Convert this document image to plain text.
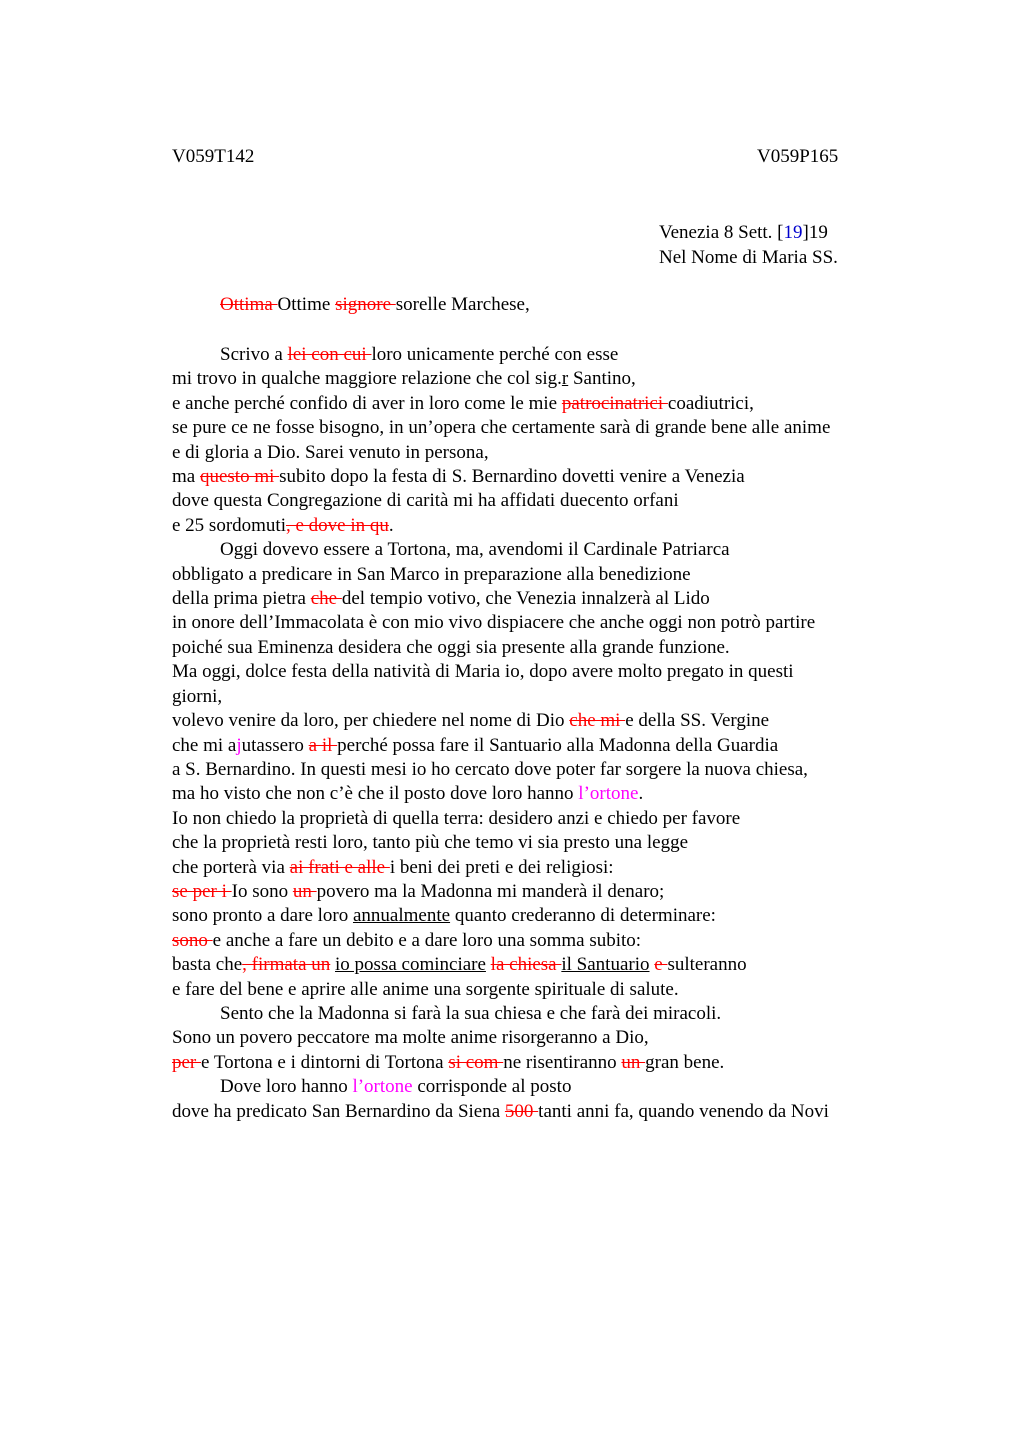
V059T142	V059P165
Venezia 8 Sett. [19]19
Nel Nome di Maria SS.
Ottima Ottime signore sorelle Marchese,
Scrivo a lei con cui loro unicamente perché con esse
mi trovo in qualche maggiore relazione che col sig.r Santino,
e anche perché confido di aver in loro come le mie patrocinatrici coadiutrici,
se pure ce ne fosse bisogno, in un’opera che certamente sarà di grande bene alle anime
e di gloria a Dio. Sarei venuto in persona,
ma questo mi subito dopo la festa di S. Bernardino dovetti venire a Venezia
dove questa Congregazione di carità mi ha affidati duecento orfani
e 25 sordomuti, e dove in qu.
Oggi dovevo essere a Tortona, ma, avendomi il Cardinale Patriarca
obbligato a predicare in San Marco in preparazione alla benedizione
della prima pietra che del tempio votivo, che Venezia innalzerà al Lido
in onore dell’Immacolata è con mio vivo dispiacere che anche oggi non potrò partire
poiché sua Eminenza desidera che oggi sia presente alla grande funzione.
Ma oggi, dolce festa della natività di Maria io, dopo avere molto pregato in questi
giorni,
volevo venire da loro, per chiedere nel nome di Dio che mi e della SS. Vergine
che mi ajutassero a il perché possa fare il Santuario alla Madonna della Guardia
a S. Bernardino. In questi mesi io ho cercato dove poter far sorgere la nuova chiesa,
ma ho visto che non c’è che il posto dove loro hanno l’ortone.
Io non chiedo la proprietà di quella terra: desidero anzi e chiedo per favore
che la proprietà resti loro, tanto più che temo vi sia presto una legge
che porterà via ai frati e alle i beni dei preti e dei religiosi:
se per i Io sono un povero ma la Madonna mi manderà il denaro;
sono pronto a dare loro annualmente quanto crederanno di determinare:
sono e anche a fare un debito e a dare loro una somma subito:
basta che, firmata un io possa cominciare la chiesa il Santuario e sulteranno
e fare del bene e aprire alle anime una sorgente spirituale di salute.
Sento che la Madonna si farà la sua chiesa e che farà dei miracoli.
Sono un povero peccatore ma molte anime risorgeranno a Dio,
per e Tortona e i dintorni di Tortona si com ne risentiranno un gran bene.
Dove loro hanno l’ortone corrisponde al posto
dove ha predicato San Bernardino da Siena 500 tanti anni fa, quando venendo da Novi
